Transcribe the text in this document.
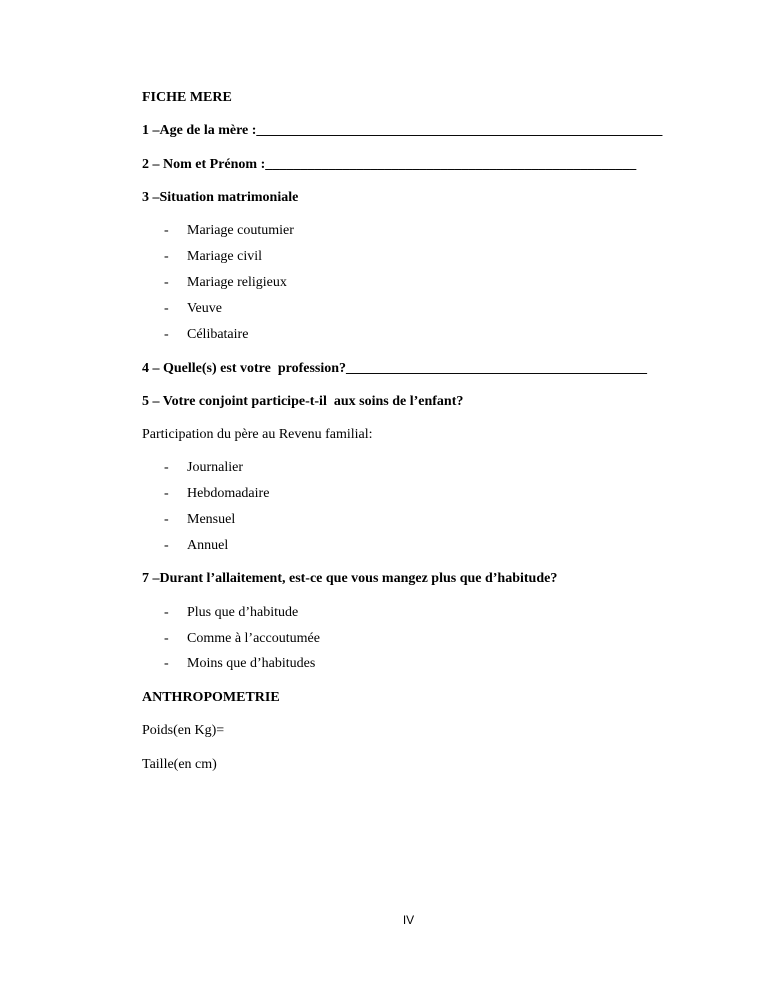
FICHE MERE
1 –Age de la mère :__________________________________________________________
2 – Nom et Prénom :_____________________________________________________
3 –Situation matrimoniale
- Mariage coutumier
- Mariage civil
- Mariage religieux
- Veuve
- Célibataire
4 – Quelle(s) est votre  profession?___________________________________________
5 – Votre conjoint participe-t-il  aux soins de l’enfant?
Participation du père au Revenu familial:
- Journalier
- Hebdomadaire
- Mensuel
- Annuel
7 –Durant l’allaitement, est-ce que vous mangez plus que d’habitude?
- Plus que d’habitude
- Comme à l’accoutumée
- Moins que d’habitudes
ANTHROPOMETRIE
Poids(en Kg)=
Taille(en cm)
IV
